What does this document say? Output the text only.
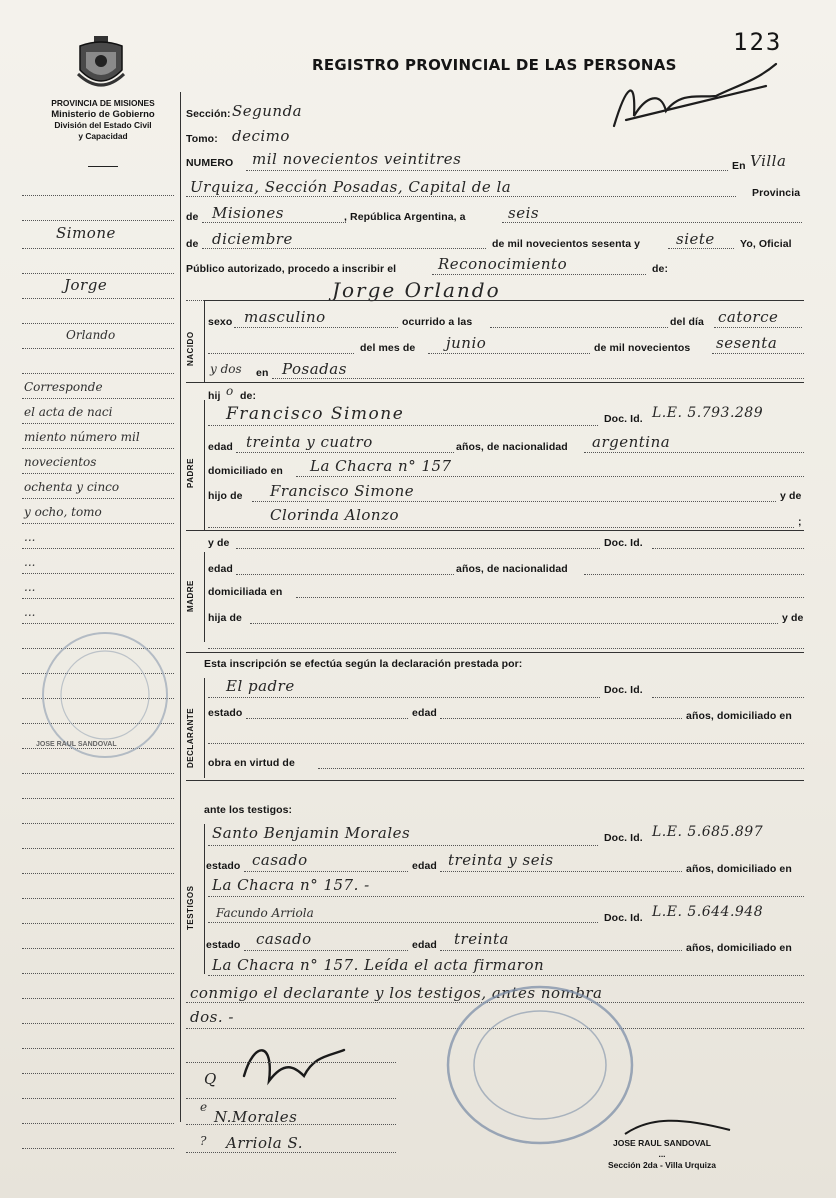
123
PROVINCIA DE MISIONES
Ministerio de Gobierno
División del Estado Civil
y Capacidad
REGISTRO PROVINCIAL DE LAS PERSONAS
Simone
Jorge
Orlando
Corresponde
el acta de naci
miento número mil
novecientos
ochenta y cinco
y ocho, tomo
...
...
...
...
JOSE RAUL SANDOVAL
Sección: Segunda
Tomo: decimo
NUMERO mil novecientos veintitres	En Villa
Urquiza, Sección Posadas, Capital de la	Provincia
de Misiones	, República Argentina, a	seis
de diciembre	de mil novecientos sesenta y siete Yo, Oficial
Público autorizado, procedo a inscribir el	Reconocimiento	de:
Jorge Orlando
NACIDO
sexo masculino	ocurrido a las	del día catorce
del mes de junio	de mil novecientos sesenta
y dos en Posadas
hij o de:
PADRE
Francisco Simone	Doc. Id. L.E. 5.793.289
edad treinta y cuatro	años, de nacionalidad argentina
domiciliado en La Chacra n° 157
hijo de Francisco Simone	y de
Clorinda Alonzo	;
y de	Doc. Id.
MADRE
edad	años, de nacionalidad
domiciliada en
hija de	y de
Esta inscripción se efectúa según la declaración prestada por:
DECLARANTE
El padre	Doc. Id.
estado	edad	años, domiciliado en
obra en virtud de
ante los testigos:
TESTIGOS
Santo Benjamin Morales	Doc. Id. L.E. 5.685.897
estado casado	edad treinta y seis	años, domiciliado en
La Chacra n° 157. -
Facundo Arriola	Doc. Id. L.E. 5.644.948
estado casado	edad treinta	años, domiciliado en
La Chacra n° 157. Leída el acta firmaron
conmigo el declarante y los testigos, antes nombra
dos. -
Q
e
N.Morales
? Arriola S.	JOSE RAUL SANDOVAL
...
Sección 2da - Villa Urquiza
